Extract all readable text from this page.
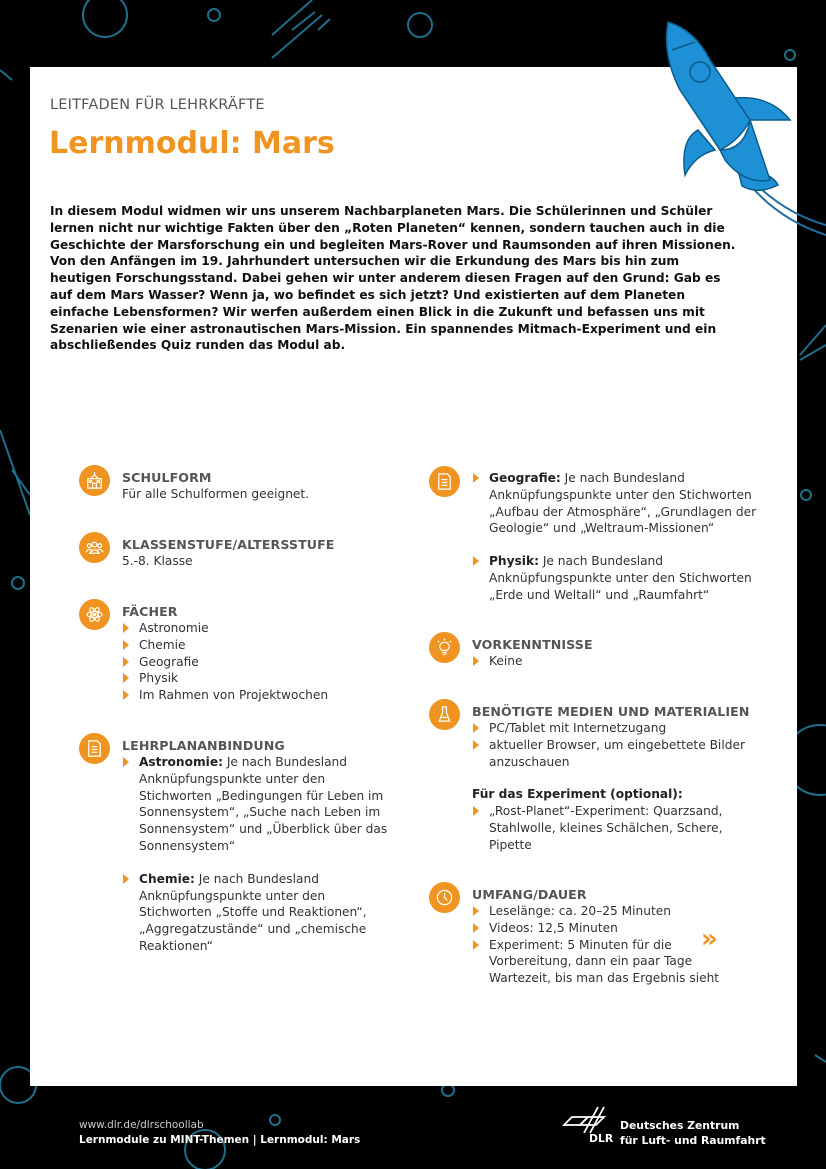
LEITFADEN FÜR LEHRKRÄFTE
Lernmodul: Mars
In diesem Modul widmen wir uns unserem Nachbarplaneten Mars. Die Schülerinnen und Schüler lernen nicht nur wichtige Fakten über den „Roten Planeten“ kennen, sondern tauchen auch in die Geschichte der Marsforschung ein und begleiten Mars-Rover und Raumsonden auf ihren Missionen. Von den Anfängen im 19. Jahrhundert untersuchen wir die Erkundung des Mars bis hin zum heutigen Forschungsstand. Dabei gehen wir unter anderem diesen Fragen auf den Grund: Gab es auf dem Mars Wasser? Wenn ja, wo befindet es sich jetzt? Und existierten auf dem Planeten einfache Lebensformen? Wir werfen außerdem einen Blick in die Zukunft und befassen uns mit Szenarien wie einer astronautischen Mars-Mission. Ein spannendes Mitmach-Experiment und ein abschließendes Quiz runden das Modul ab.
SCHULFORM
Für alle Schulformen geeignet.
KLASSENSTUFE/ALTERSSTUFE
5.-8. Klasse
FÄCHER
Astronomie
Chemie
Geografie
Physik
Im Rahmen von Projektwochen
LEHRPLANANBINDUNG
Astronomie: Je nach Bundesland Anknüpfungspunkte unter den Stichworten „Bedingungen für Leben im Sonnensystem“, „Suche nach Leben im Sonnensystem“ und „Überblick über das Sonnensystem“
Chemie: Je nach Bundesland Anknüpfungspunkte unter den Stichworten „Stoffe und Reaktionen“, „Aggregatzustände“ und „chemische Reaktionen“
Geografie: Je nach Bundesland Anknüpfungspunkte unter den Stichworten „Aufbau der Atmosphäre“, „Grundlagen der Geologie“ und „Weltraum-Missionen“
Physik: Je nach Bundesland Anknüpfungspunkte unter den Stichworten „Erde und Weltall“ und „Raumfahrt“
VORKENNTNISSE
Keine
BENÖTIGTE MEDIEN UND MATERIALIEN
PC/Tablet mit Internetzugang
aktueller Browser, um eingebettete Bilder anzuschauen
Für das Experiment (optional):
„Rost-Planet“-Experiment: Quarzsand, Stahlwolle, kleines Schälchen, Schere, Pipette
UMFANG/DAUER
Leselänge: ca. 20–25 Minuten
Videos: 12,5 Minuten
Experiment: 5 Minuten für die Vorbereitung, dann ein paar Tage Wartezeit, bis man das Ergebnis sieht
»
www.dlr.de/dlrschoollab
Lernmodule zu MINT-Themen | Lernmodul: Mars	DLR
Deutsches Zentrum
für Luft- und Raumfahrt
